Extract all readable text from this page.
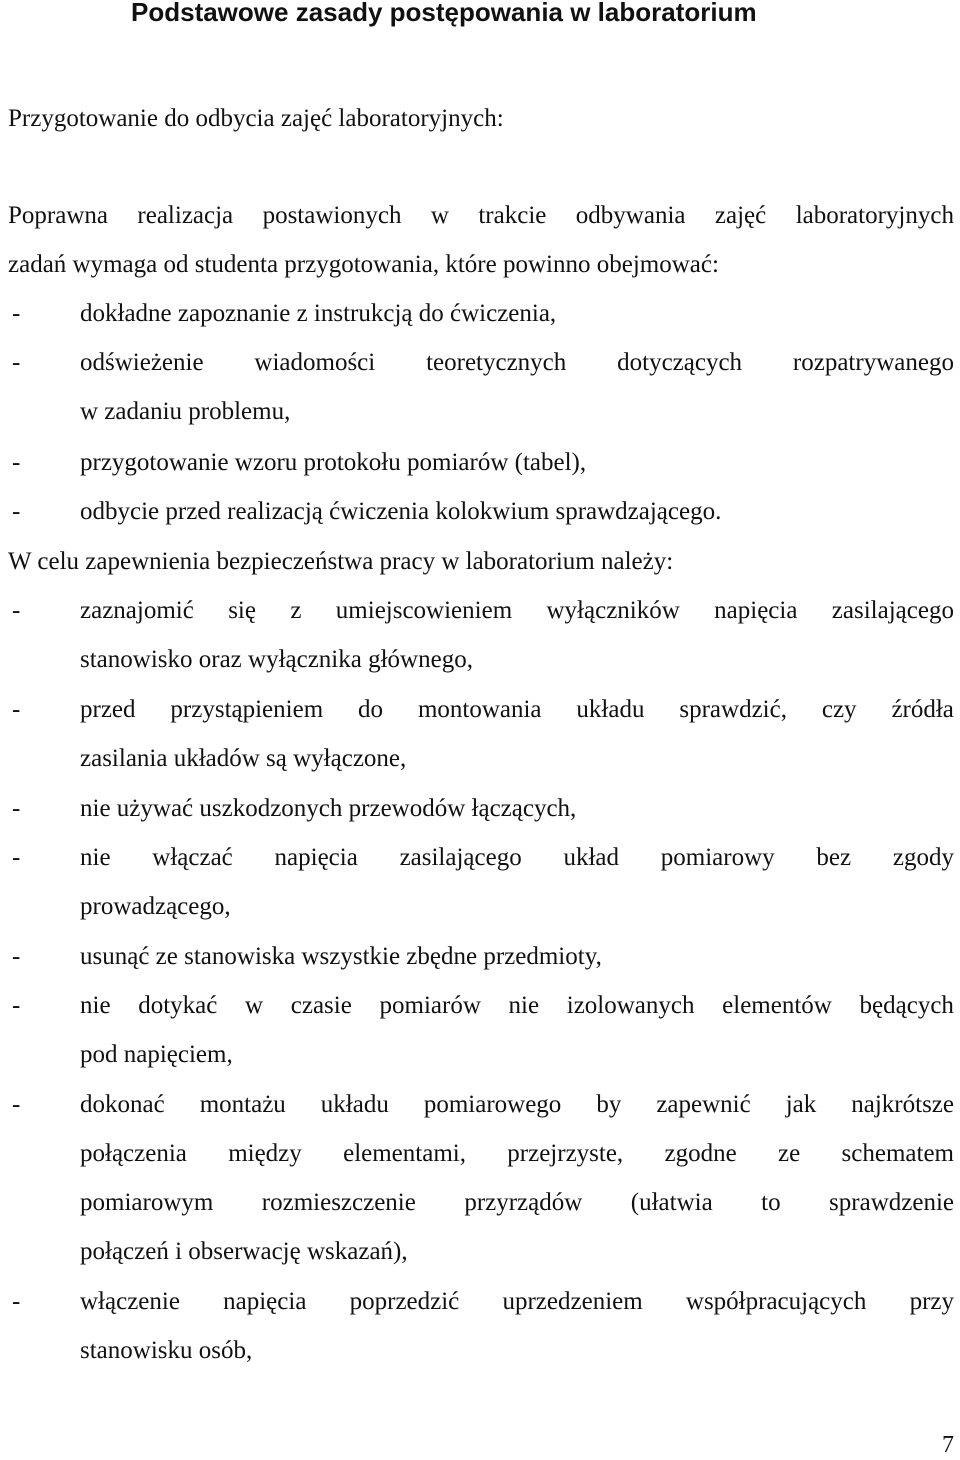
Podstawowe zasady postępowania w laboratorium
Przygotowanie do odbycia zajęć laboratoryjnych:
Poprawna realizacja postawionych w trakcie odbywania zajęć laboratoryjnych
zadań wymaga od studenta przygotowania, które powinno obejmować:
- dokładne zapoznanie z instrukcją do ćwiczenia,
- odświeżenie wiadomości teoretycznych dotyczących rozpatrywanego
w zadaniu problemu,
- przygotowanie wzoru protokołu pomiarów (tabel),
- odbycie przed realizacją ćwiczenia kolokwium sprawdzającego.
W celu zapewnienia bezpieczeństwa pracy w laboratorium należy:
- zaznajomić się z umiejscowieniem wyłączników napięcia zasilającego
stanowisko oraz wyłącznika głównego,
- przed przystąpieniem do montowania układu sprawdzić, czy źródła
zasilania układów są wyłączone,
- nie używać uszkodzonych przewodów łączących,
- nie włączać napięcia zasilającego układ pomiarowy bez zgody
prowadzącego,
- usunąć ze stanowiska wszystkie zbędne przedmioty,
- nie dotykać w czasie pomiarów nie izolowanych elementów będących
pod napięciem,
- dokonać montażu układu pomiarowego by zapewnić jak najkrótsze
połączenia między elementami, przejrzyste, zgodne ze schematem
pomiarowym rozmieszczenie przyrządów (ułatwia to sprawdzenie
połączeń i obserwację wskazań),
- włączenie napięcia poprzedzić uprzedzeniem współpracujących przy
stanowisku osób,
7
